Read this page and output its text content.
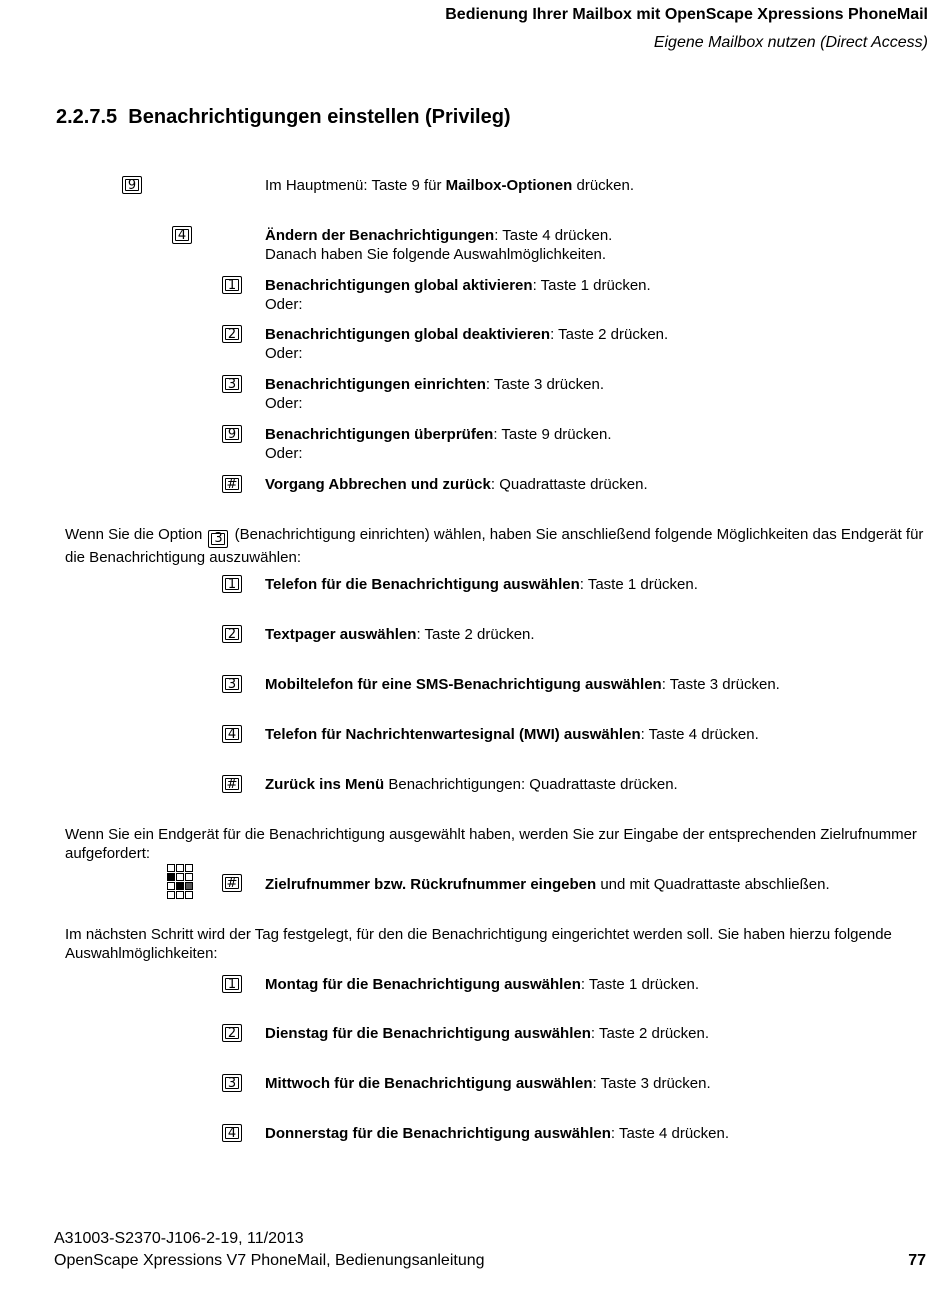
Bedienung Ihrer Mailbox mit OpenScape Xpressions PhoneMail
Eigene Mailbox nutzen (Direct Access)
2.2.7.5 Benachrichtigungen einstellen (Privileg)
9	Im Hauptmenü: Taste 9 für Mailbox-Optionen drücken.
4	Ändern der Benachrichtigungen: Taste 4 drücken.
Danach haben Sie folgende Auswahlmöglichkeiten.
1 Benachrichtigungen global aktivieren: Taste 1 drücken.
Oder:
2 Benachrichtigungen global deaktivieren: Taste 2 drücken.
Oder:
3 Benachrichtigungen einrichten: Taste 3 drücken.
Oder:
9 Benachrichtigungen überprüfen: Taste 9 drücken.
Oder:
# Vorgang Abbrechen und zurück: Quadrattaste drücken.
Wenn Sie die Option 3 (Benachrichtigung einrichten) wählen, haben Sie anschließend folgende Möglichkeiten das Endgerät für die Benachrichtigung auszuwählen:
1 Telefon für die Benachrichtigung auswählen: Taste 1 drücken.
2 Textpager auswählen: Taste 2 drücken.
3 Mobiltelefon für eine SMS-Benachrichtigung auswählen: Taste 3 drücken.
4 Telefon für Nachrichtenwartesignal (MWI) auswählen: Taste 4 drücken.
# Zurück ins Menü Benachrichtigungen: Quadrattaste drücken.
Wenn Sie ein Endgerät für die Benachrichtigung ausgewählt haben, werden Sie zur Eingabe der entsprechenden Zielrufnummer aufgefordert:
# Zielrufnummer bzw. Rückrufnummer eingeben und mit Quadrattaste abschließen.
Im nächsten Schritt wird der Tag festgelegt, für den die Benachrichtigung eingerichtet werden soll. Sie haben hierzu folgende Auswahlmöglichkeiten:
1 Montag für die Benachrichtigung auswählen: Taste 1 drücken.
2 Dienstag für die Benachrichtigung auswählen: Taste 2 drücken.
3 Mittwoch für die Benachrichtigung auswählen: Taste 3 drücken.
4 Donnerstag für die Benachrichtigung auswählen: Taste 4 drücken.
A31003-S2370-J106-2-19, 11/2013
OpenScape Xpressions V7 PhoneMail, Bedienungsanleitung	77
